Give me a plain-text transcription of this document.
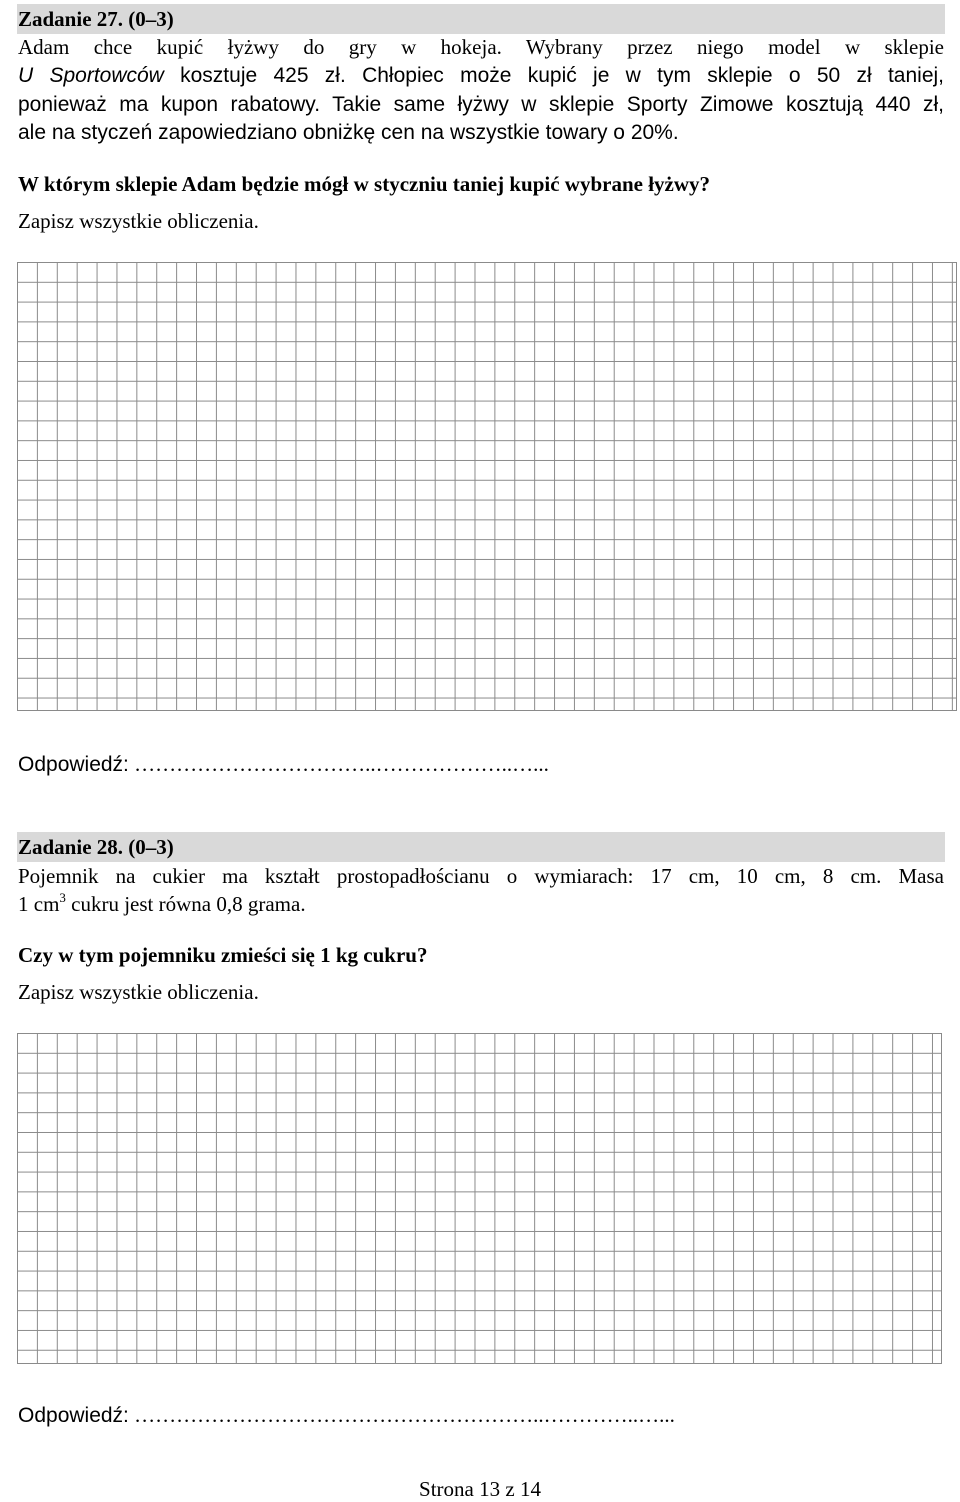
Zadanie 27. (0–3)
Adam chce kupić łyżwy do gry w hokeja. Wybrany przez niego model w sklepie
U Sportowców kosztuje 425 zł. Chłopiec może kupić je w tym sklepie o 50 zł taniej,
ponieważ ma kupon rabatowy. Takie same łyżwy w sklepie Sporty Zimowe kosztują 440 zł,
ale na styczeń zapowiedziano obniżkę cen na wszystkie towary o 20%.
W którym sklepie Adam będzie mógł w styczniu taniej kupić wybrane łyżwy?
Zapisz wszystkie obliczenia.
Odpowiedź: ……………………………..………………..…...
Zadanie 28. (0–3)
Pojemnik na cukier ma kształt prostopadłościanu o wymiarach: 17 cm, 10 cm, 8 cm. Masa
1 $cm^3$ cukru jest równa 0,8 grama.
Czy w tym pojemniku zmieści się 1 kg cukru?
Zapisz wszystkie obliczenia.
Odpowiedź: …………………………………………………..…………..…...
Strona 13 z 14
